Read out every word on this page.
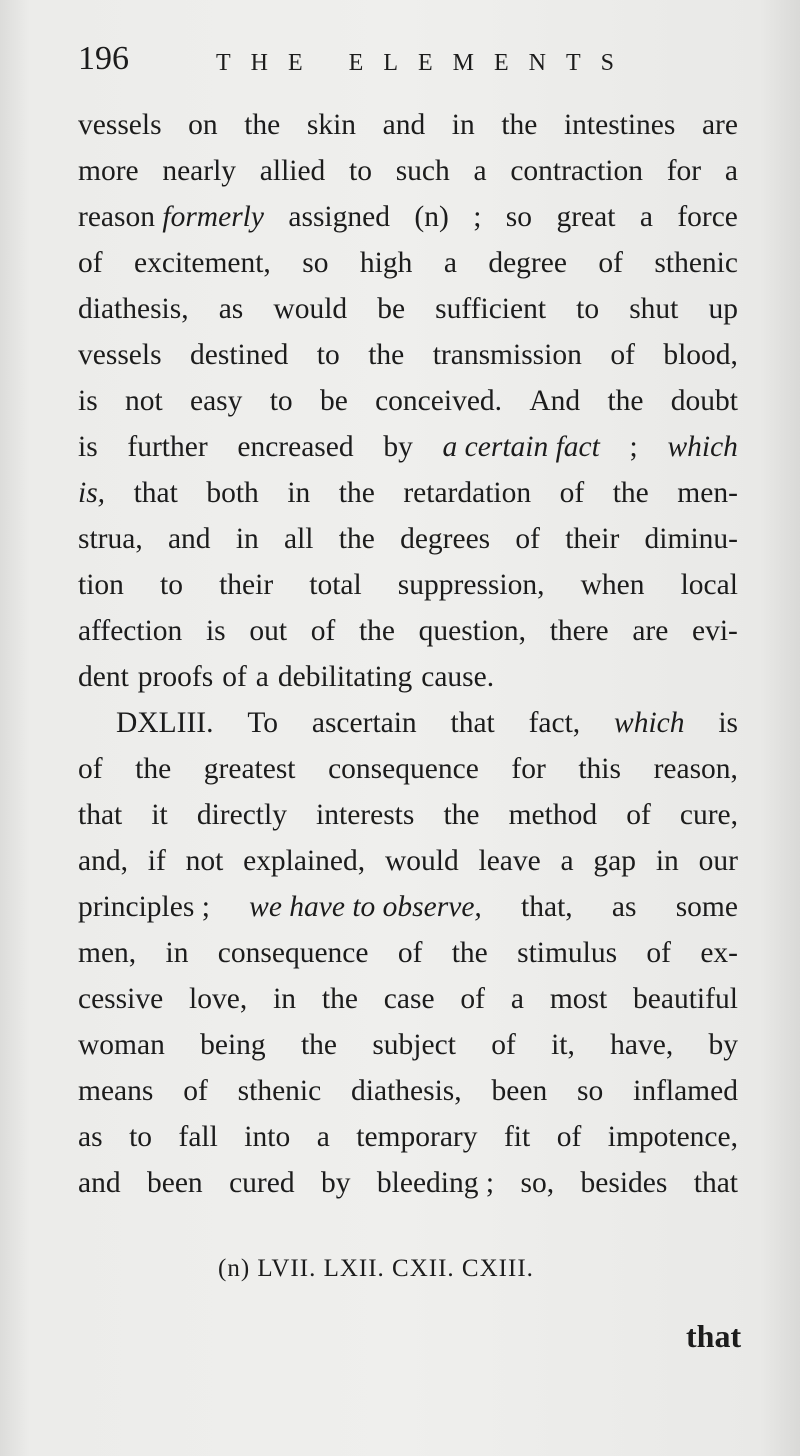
196	THE ELEMENTS
vessels on the skin and in the intestines are
more nearly allied to such a contraction for a
reason formerly assigned (n) ; so great a force
of excitement, so high a degree of sthenic
diathesis, as would be sufficient to shut up
vessels destined to the transmission of blood,
is not easy to be conceived. And the doubt
is further encreased by a certain fact ; which
is, that both in the retardation of the men-
strua, and in all the degrees of their diminu-
tion to their total suppression, when local
affection is out of the question, there are evi-
dent proofs of a debilitating cause.
DXLIII. To ascertain that fact, which is
of the greatest consequence for this reason,
that it directly interests the method of cure,
and, if not explained, would leave a gap in our
principles ; we have to observe, that, as some
men, in consequence of the stimulus of ex-
cessive love, in the case of a most beautiful
woman being the subject of it, have, by
means of sthenic diathesis, been so inflamed
as to fall into a temporary fit of impotence,
and been cured by bleeding ; so, besides that
(n) LVII. LXII. CXII. CXIII.
that
